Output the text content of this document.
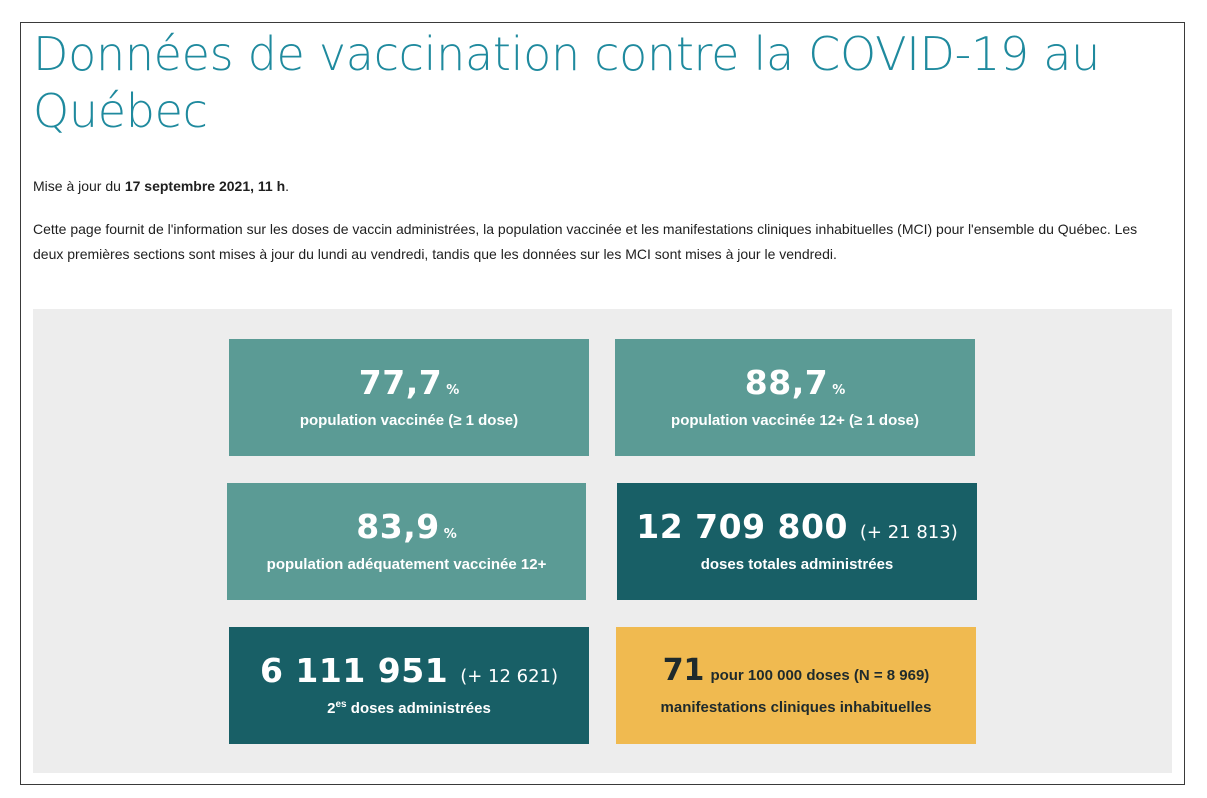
Données de vaccination contre la COVID-19 au Québec

Mise à jour du 17 septembre 2021, 11 h.

Cette page fournit de l'information sur les doses de vaccin administrées, la population vaccinée et les manifestations cliniques inhabituelles (MCI) pour l'ensemble du Québec. Les deux premières sections sont mises à jour du lundi au vendredi, tandis que les données sur les MCI sont mises à jour le vendredi.

77,7 %
population vaccinée (≥ 1 dose)
88,7 %
population vaccinée 12+ (≥ 1 dose)
83,9 %
population adéquatement vaccinée 12+
12 709 800 (+ 21 813)
doses totales administrées
6 111 951 (+ 12 621)
$2^{es}$ doses administrées
71 pour 100 000 doses (N = 8 969)
manifestations cliniques inhabituelles
